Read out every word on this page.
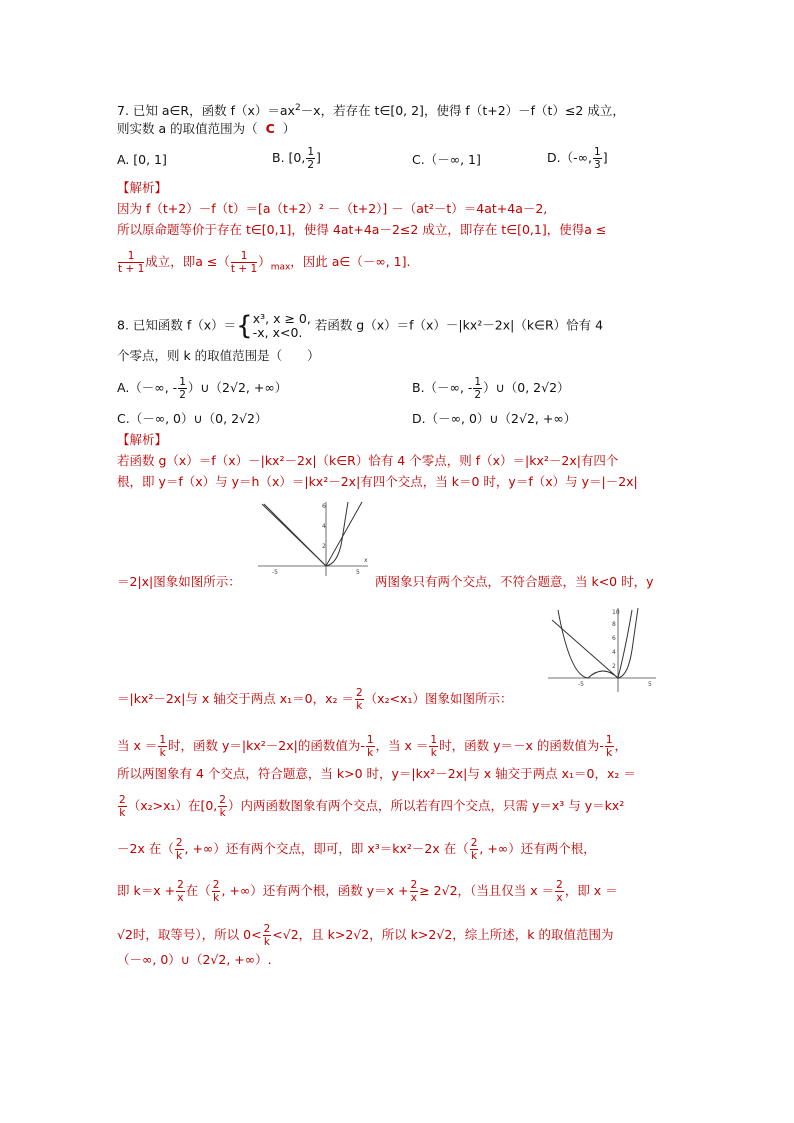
7. 已知 a∈R，函数 $f(x)=ax^2-x$，若存在 t∈[0, 2]，使得 f（t+2）－f（t）≤2 成立，
则实数 a 的取值范围为（ C ）
A. [0, 1]	B. [0, $\frac{1}{2}$ ]	C.（－∞, 1]	D.（-∞, $\frac{1}{3}$ ]
【解析】
因为 f（t+2）－f（t）＝[a（t+2）² －（t+2）] －（at²－t）＝4at+4a－2,
所以原命题等价于存在 t∈[0,1]，使得 4at+4a－2≤2 成立，即存在 t∈[0,1]，使得a ≤
$\frac{1}{t + 1}$ 成立，即a ≤（ $\frac{1}{t + 1} )_{max}$，因此 a∈（－∞, 1].
8. 已知函数 f（x）＝{ x³, x ≥ 0,
-x, x<0. 若函数 g（x）＝f（x）－|kx²－2x|（k∈R）恰有 4
个零点，则 k 的取值范围是（　　）
A.（－∞, - $\frac{1}{2}$ ）∪（2√2, +∞）	B.（－∞, - $\frac{1}{2}$ ）∪（0, 2√2）
C.（－∞, 0）∪（0, 2√2）	D.（－∞, 0）∪（2√2, +∞）
【解析】
若函数 g（x）＝f（x）－|kx²－2x|（k∈R）恰有 4 个零点，则 f（x）＝|kx²－2x|有四个
根，即 y＝f（x）与 y＝h（x）＝|kx²－2x|有四个交点，当 k＝0 时，y＝f（x）与 y＝|－2x|
x
6
4
2
-5	5
＝2|x|图象如图所示：	两图象只有两个交点，不符合题意，当 k<0 时，y
10
8
6
4
2
-5	5
＝|kx²－2x|与 x 轴交于两点 x₁＝0，$x_2 = \frac{2}{k} (x_2<x_1)$图象如图所示：
当 $x = \frac{1}{k}$ 时，函数 y＝|kx²－2x|的函数值为- $\frac{1}{k}$ ，当 $x = \frac{1}{k}$ 时，函数 y＝－x 的函数值为- $\frac{1}{k}$ ，
所以两图象有 4 个交点，符合题意，当 k>0 时，y＝|kx²－2x|与 x 轴交于两点 x₁＝0，x₂ ＝
$\frac{2}{k} (x_2>x_1)$在[0, $\frac{2}{k}$ ）内两函数图象有两个交点，所以若有四个交点，只需 y＝x³ 与 y＝kx²
－2x 在（ $\frac{2}{k}$ , +∞）还有两个交点，即可，即 x³＝kx²－2x 在（ $\frac{2}{k}$ , +∞）还有两个根，
即 $k=x + \frac{2}{x}$ 在（ $\frac{2}{k}$ , +∞）还有两个根，函数 $y=x + \frac{2}{x} \ge 2√2$，（当且仅当 $x = \frac{2}{x}$ ，即 x ＝
√2时，取等号），所以 $0< \frac{2}{k} <√2$，且 k>2√2，所以 k>2√2，综上所述，k 的取值范围为
（－∞, 0）∪（2√2, +∞）.
